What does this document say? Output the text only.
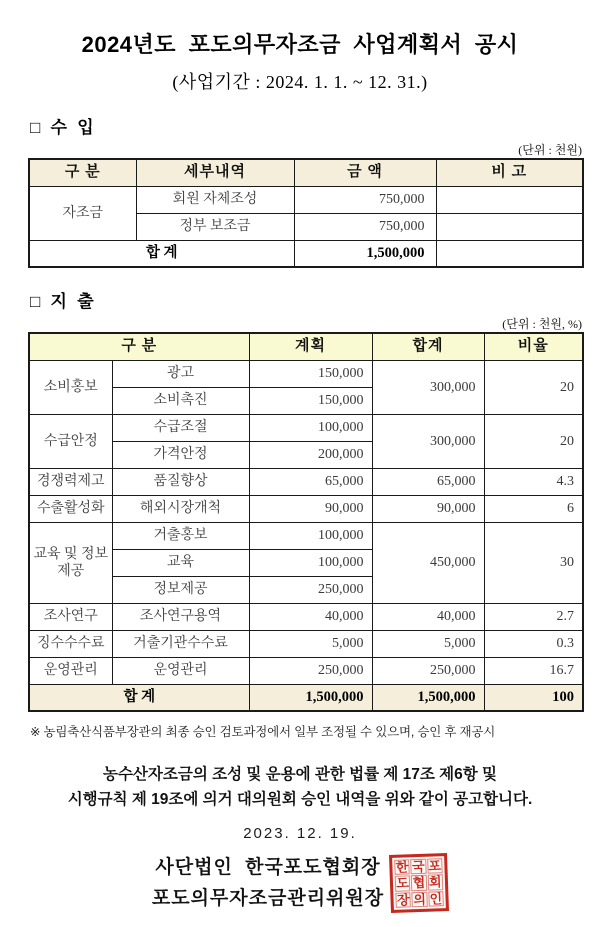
2024년도 포도의무자조금 사업계획서 공시
(사업기간 : 2024. 1. 1. ~ 12. 31.)
□ 수 입
(단위 : 천원)
구 분	세부내역	금 액	비 고
자조금	회원 자체조성	750,000	
	정부 보조금	750,000	
합 계		1,500,000	
□ 지 출
(단위 : 천원, %)
구 분		계획	합계	비율
소비홍보	광고	150,000	300,000	20
	소비촉진	150,000		
수급안정	수급조절	100,000	300,000	20
	가격안정	200,000		
경쟁력제고	품질향상	65,000	65,000	4.3
수출활성화	해외시장개척	90,000	90,000	6
교육 및 정보제공	거출홍보	100,000	450,000	30
	교육	100,000		
	정보제공	250,000		
조사연구	조사연구용역	40,000	40,000	2.7
징수수수료	거출기관수수료	5,000	5,000	0.3
운영관리	운영관리	250,000	250,000	16.7
합 계		1,500,000	1,500,000	100
※ 농림축산식품부장관의 최종 승인 검토과정에서 일부 조정될 수 있으며, 승인 후 재공시
농수산자조금의 조성 및 운용에 관한 법률 제 17조 제6항 및
시행규칙 제 19조에 의거 대의원회 승인 내역을 위와 같이 공고합니다.
2023. 12. 19.
사단법인 한국포도협회장
포도의무자조금관리위원장
한 국 포
도 협 회
장 의 인
